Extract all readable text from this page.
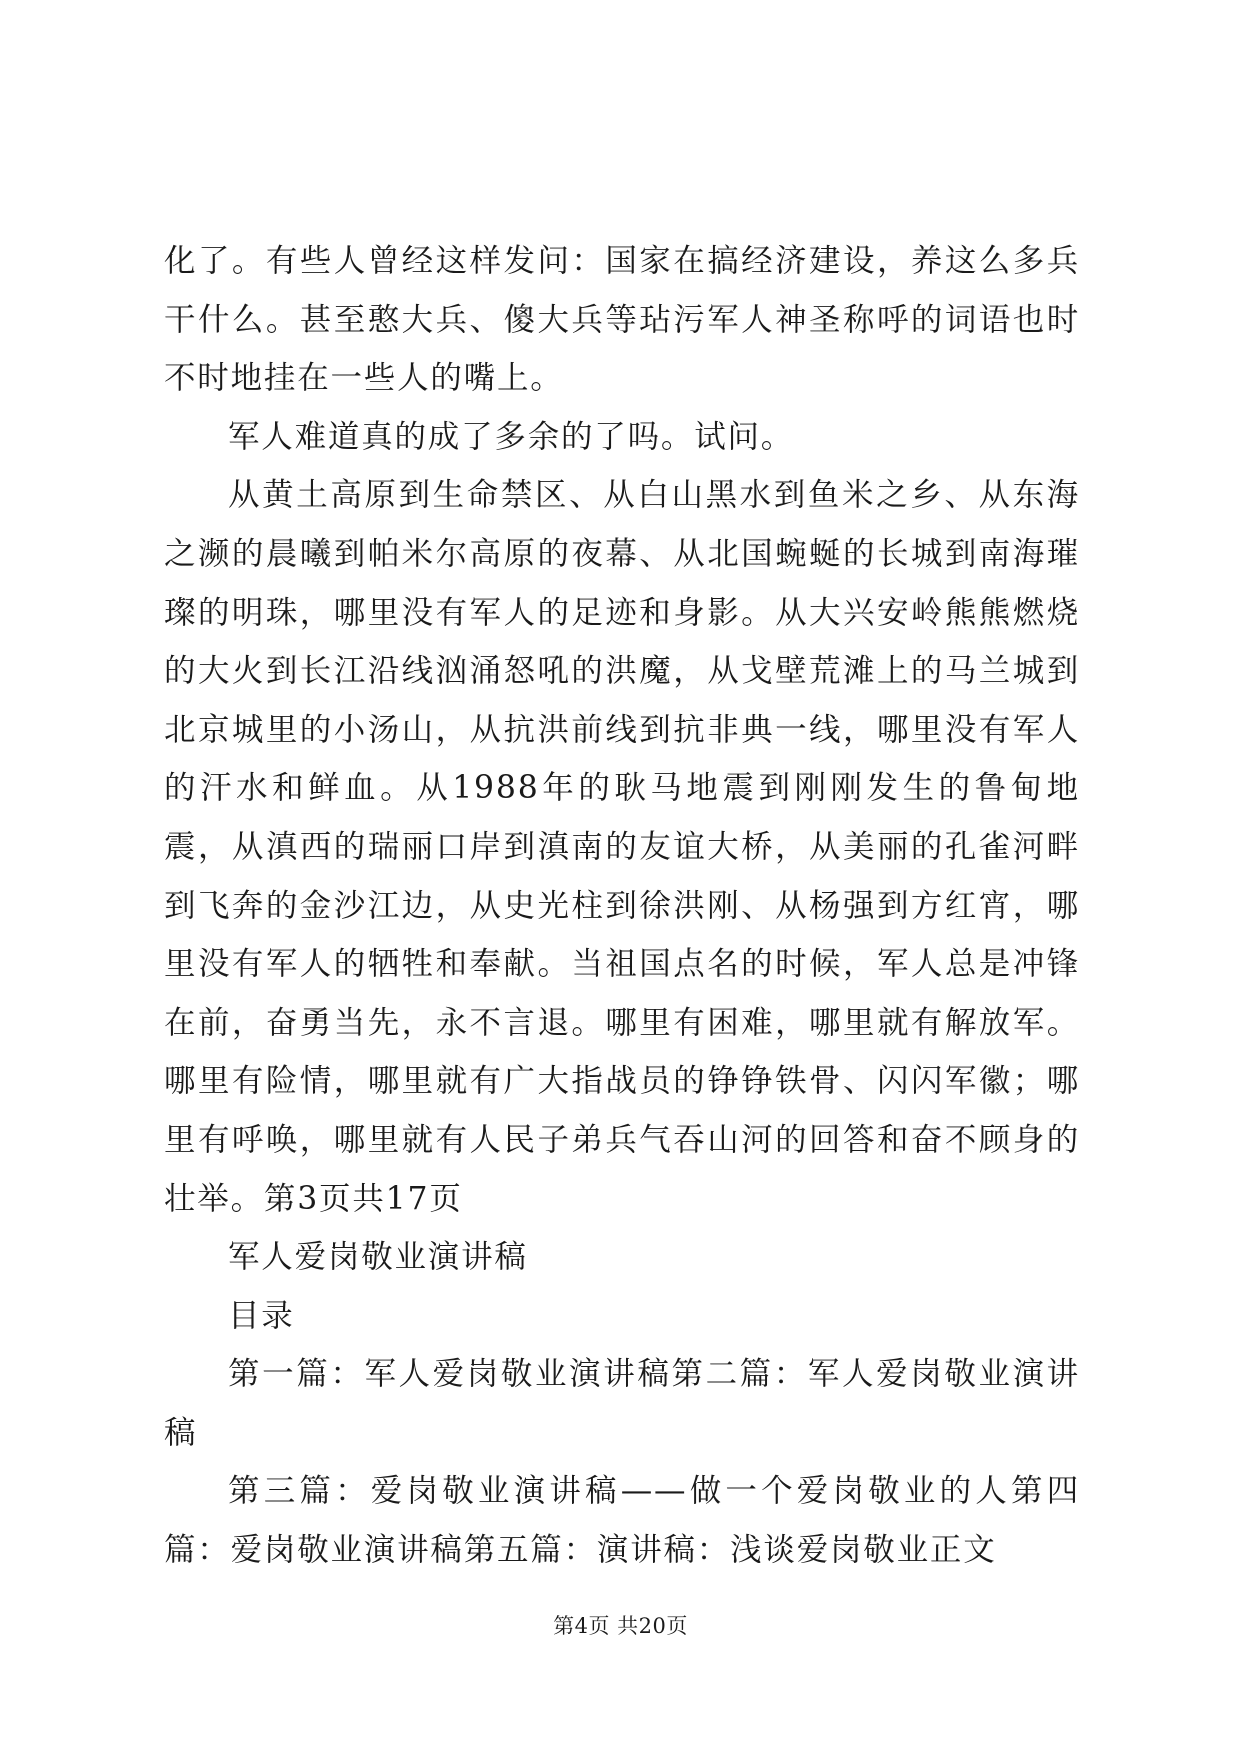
化了。有些人曾经这样发问：国家在搞经济建设，养这么多兵干什么。甚至憨大兵、傻大兵等玷污军人神圣称呼的词语也时不时地挂在一些人的嘴上。

军人难道真的成了多余的了吗。试问。

从黄土高原到生命禁区、从白山黑水到鱼米之乡、从东海之濒的晨曦到帕米尔高原的夜幕、从北国蜿蜒的长城到南海璀璨的明珠，哪里没有军人的足迹和身影。从大兴安岭熊熊燃烧的大火到长江沿线汹涌怒吼的洪魔，从戈壁荒滩上的马兰城到北京城里的小汤山，从抗洪前线到抗非典一线，哪里没有军人的汗水和鲜血。从1988年的耿马地震到刚刚发生的鲁甸地震，从滇西的瑞丽口岸到滇南的友谊大桥，从美丽的孔雀河畔到飞奔的金沙江边，从史光柱到徐洪刚、从杨强到方红宵，哪里没有军人的牺牲和奉献。当祖国点名的时候，军人总是冲锋在前，奋勇当先，永不言退。哪里有困难，哪里就有解放军。哪里有险情，哪里就有广大指战员的铮铮铁骨、闪闪军徽；哪里有呼唤，哪里就有人民子弟兵气吞山河的回答和奋不顾身的壮举。第3页共17页

军人爱岗敬业演讲稿

目录

第一篇：军人爱岗敬业演讲稿第二篇：军人爱岗敬业演讲稿

第三篇：爱岗敬业演讲稿——做一个爱岗敬业的人第四篇：爱岗敬业演讲稿第五篇：演讲稿：浅谈爱岗敬业正文

第4页 共20页
